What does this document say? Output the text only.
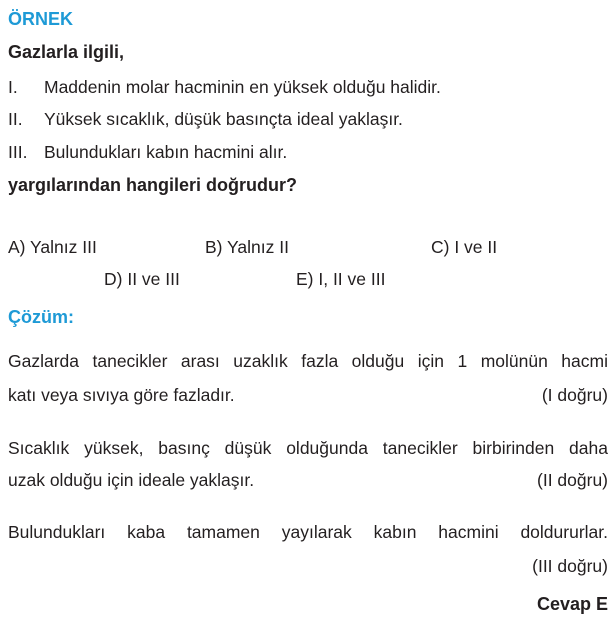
ÖRNEK
Gazlarla ilgili,
I. Maddenin molar hacminin en yüksek olduğu halidir.
II. Yüksek sıcaklık, düşük basınçta ideal yaklaşır.
III. Bulundukları kabın hacmini alır.
yargılarından hangileri doğrudur?
A) Yalnız III	B) Yalnız II	C) I ve II
D) II ve III	E) I, II ve III
Çözüm:
Gazlarda tanecikler arası uzaklık fazla olduğu için 1 molünün hacmi
katı veya sıvıya göre fazladır.	(I doğru)
Sıcaklık yüksek, basınç düşük olduğunda tanecikler birbirinden daha
uzak olduğu için ideale yaklaşır.	(II doğru)
Bulundukları kaba tamamen yayılarak kabın hacmini doldururlar.
(III doğru)
Cevap E
